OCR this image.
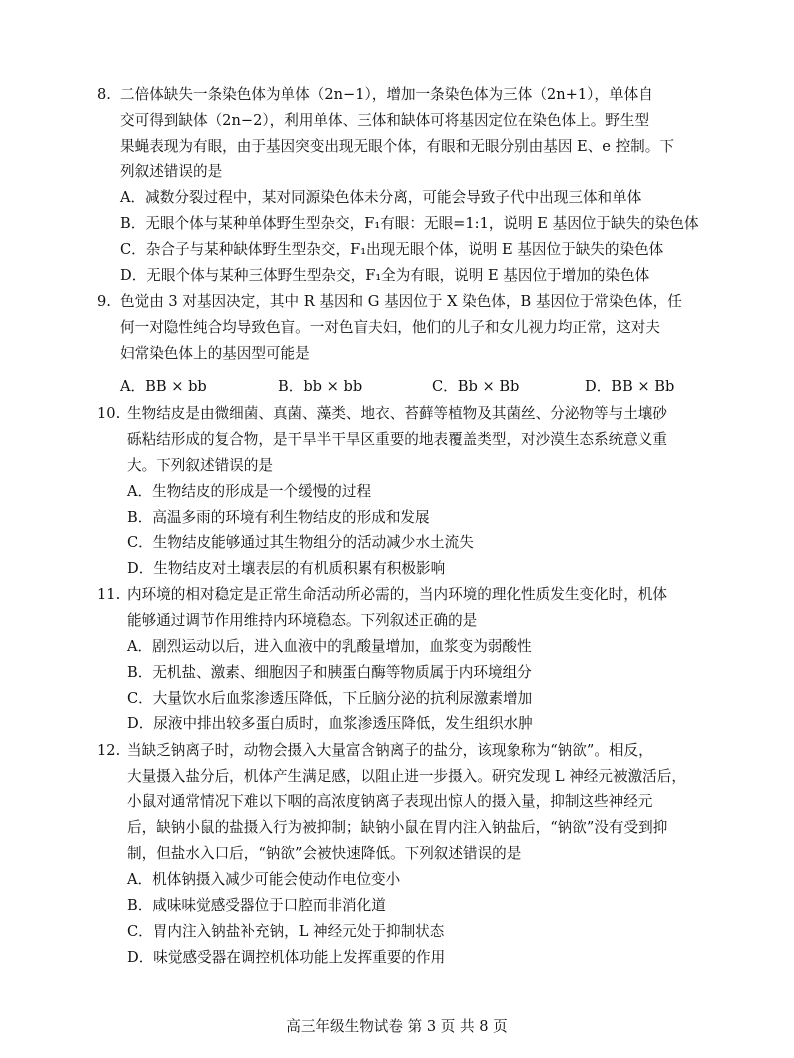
8. 二倍体缺失一条染色体为单体（2n−1），增加一条染色体为三体（2n+1），单体自
交可得到缺体（2n−2），利用单体、三体和缺体可将基因定位在染色体上。野生型
果蝇表现为有眼，由于基因突变出现无眼个体，有眼和无眼分别由基因 E、e 控制。下
列叙述错误的是
A．减数分裂过程中，某对同源染色体未分离，可能会导致子代中出现三体和单体
B．无眼个体与某种单体野生型杂交，F₁有眼：无眼=1:1，说明 E 基因位于缺失的染色体
C．杂合子与某种缺体野生型杂交，F₁出现无眼个体，说明 E 基因位于缺失的染色体
D．无眼个体与某种三体野生型杂交，F₁全为有眼，说明 E 基因位于增加的染色体
9. 色觉由 3 对基因决定，其中 R 基因和 G 基因位于 X 染色体，B 基因位于常染色体，任
何一对隐性纯合均导致色盲。一对色盲夫妇，他们的儿子和女儿视力均正常，这对夫
妇常染色体上的基因型可能是
A．BB × bb	B．bb × bb	C．Bb × Bb	D．BB × Bb
10. 生物结皮是由微细菌、真菌、藻类、地衣、苔藓等植物及其菌丝、分泌物等与土壤砂
砾粘结形成的复合物，是干旱半干旱区重要的地表覆盖类型，对沙漠生态系统意义重
大。下列叙述错误的是
A．生物结皮的形成是一个缓慢的过程
B．高温多雨的环境有利生物结皮的形成和发展
C．生物结皮能够通过其生物组分的活动减少水土流失
D．生物结皮对土壤表层的有机质积累有积极影响
11. 内环境的相对稳定是正常生命活动所必需的，当内环境的理化性质发生变化时，机体
能够通过调节作用维持内环境稳态。下列叙述正确的是
A．剧烈运动以后，进入血液中的乳酸量增加，血浆变为弱酸性
B．无机盐、激素、细胞因子和胰蛋白酶等物质属于内环境组分
C．大量饮水后血浆渗透压降低，下丘脑分泌的抗利尿激素增加
D．尿液中排出较多蛋白质时，血浆渗透压降低，发生组织水肿
12. 当缺乏钠离子时，动物会摄入大量富含钠离子的盐分，该现象称为“钠欲”。相反，
大量摄入盐分后，机体产生满足感，以阻止进一步摄入。研究发现 L 神经元被激活后，
小鼠对通常情况下难以下咽的高浓度钠离子表现出惊人的摄入量，抑制这些神经元
后，缺钠小鼠的盐摄入行为被抑制；缺钠小鼠在胃内注入钠盐后，“钠欲”没有受到抑
制，但盐水入口后，“钠欲”会被快速降低。下列叙述错误的是
A．机体钠摄入减少可能会使动作电位变小
B．咸味味觉感受器位于口腔而非消化道
C．胃内注入钠盐补充钠，L 神经元处于抑制状态
D．味觉感受器在调控机体功能上发挥重要的作用
高三年级生物试卷 第 3 页 共 8 页
